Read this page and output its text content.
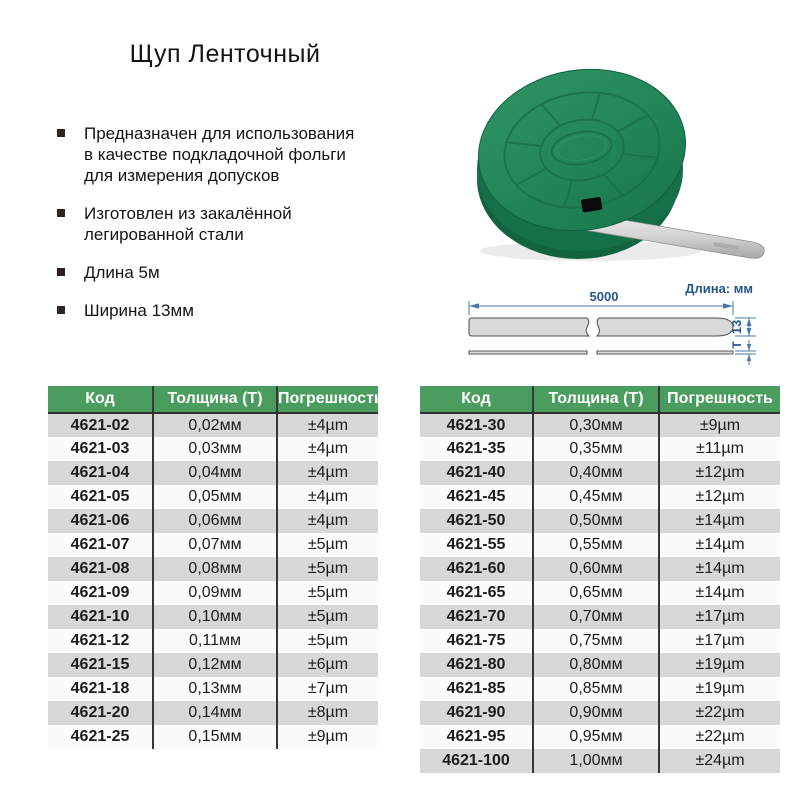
Щуп Ленточный
Предназначен для использования в качестве подкладочной фольги для измерения допусков
Изготовлен из закалённой легированной стали
Длина 5м
Ширина 13мм
Длина: мм
5000
13
Т
Код	Толщина (Т)	Погрешность
4621-02	0,02мм	±4µm
4621-03	0,03мм	±4µm
4621-04	0,04мм	±4µm
4621-05	0,05мм	±4µm
4621-06	0,06мм	±4µm
4621-07	0,07мм	±5µm
4621-08	0,08мм	±5µm
4621-09	0,09мм	±5µm
4621-10	0,10мм	±5µm
4621-12	0,11мм	±5µm
4621-15	0,12мм	±6µm
4621-18	0,13мм	±7µm
4621-20	0,14мм	±8µm
4621-25	0,15мм	±9µm
Код	Толщина (Т)	Погрешность
4621-30	0,30мм	±9µm
4621-35	0,35мм	±11µm
4621-40	0,40мм	±12µm
4621-45	0,45мм	±12µm
4621-50	0,50мм	±14µm
4621-55	0,55мм	±14µm
4621-60	0,60мм	±14µm
4621-65	0,65мм	±14µm
4621-70	0,70мм	±17µm
4621-75	0,75мм	±17µm
4621-80	0,80мм	±19µm
4621-85	0,85мм	±19µm
4621-90	0,90мм	±22µm
4621-95	0,95мм	±22µm
4621-100	1,00мм	±24µm
